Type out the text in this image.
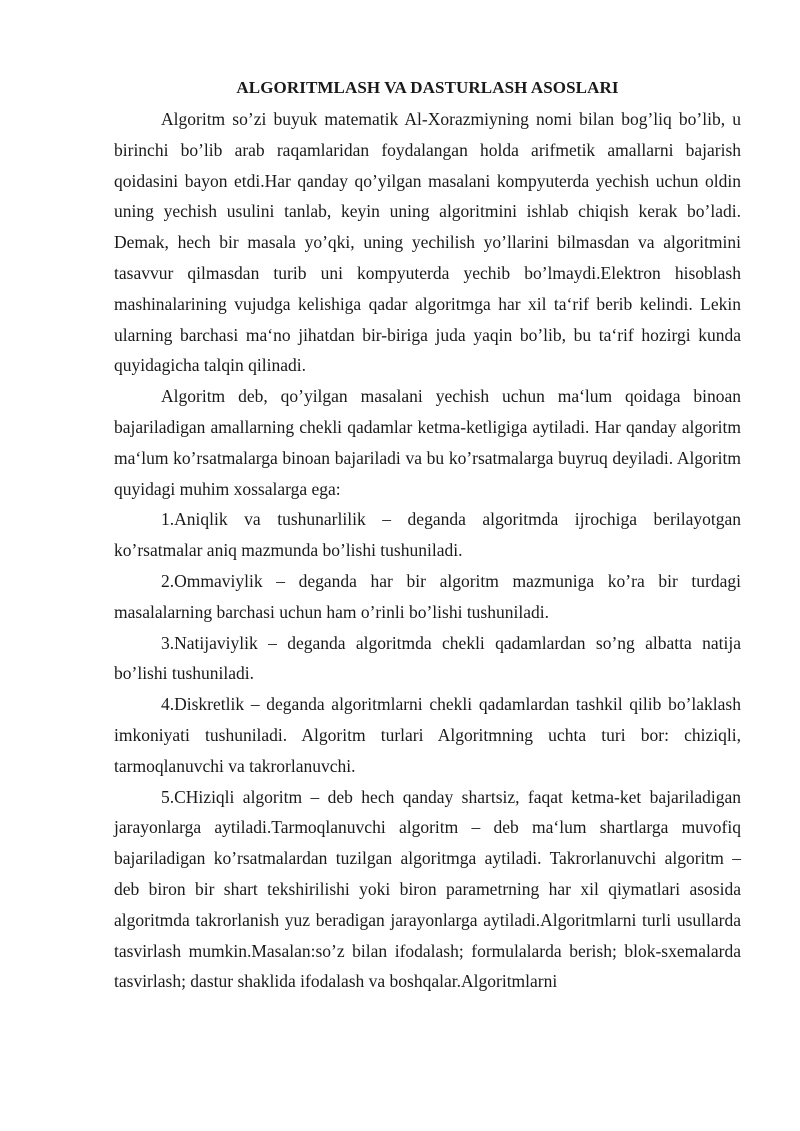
ALGORITMLASH VA DASTURLASH ASOSLARI

Algoritm so’zi buyuk matematik Al-Xorazmiyning nomi bilan bog’liq bo’lib, u birinchi bo’lib arab raqamlaridan foydalangan holda arifmetik amallarni bajarish qoidasini bayon etdi.Har qanday qo’yilgan masalani kompyuterda yechish uchun oldin uning yechish usulini tanlab, keyin uning algoritmini ishlab chiqish kerak bo’ladi. Demak, hech bir masala yo’qki, uning yechilish yo’llarini bilmasdan va algoritmini tasavvur qilmasdan turib uni kompyuterda yechib bo’lmaydi.Elektron hisoblash mashinalarining vujudga kelishiga qadar algoritmga har xil ta‘rif berib kelindi. Lekin ularning barchasi ma‘no jihatdan bir-biriga juda yaqin bo’lib, bu ta‘rif hozirgi kunda quyidagicha talqin qilinadi.

Algoritm deb, qo’yilgan masalani yechish uchun ma‘lum qoidaga binoan bajariladigan amallarning chekli qadamlar ketma-ketligiga aytiladi. Har qanday algoritm ma‘lum ko’rsatmalarga binoan bajariladi va bu ko’rsatmalarga buyruq deyiladi. Algoritm quyidagi muhim xossalarga ega:

1.Aniqlik va tushunarlilik – deganda algoritmda ijrochiga berilayotgan ko’rsatmalar aniq mazmunda bo’lishi tushuniladi.

2.Ommaviylik – deganda har bir algoritm mazmuniga ko’ra bir turdagi masalalarning barchasi uchun ham o’rinli bo’lishi tushuniladi.

3.Natijaviylik – deganda algoritmda chekli qadamlardan so’ng albatta natija bo’lishi tushuniladi.

4.Diskretlik – deganda algoritmlarni chekli qadamlardan tashkil qilib bo’laklash imkoniyati tushuniladi. Algoritm turlari Algoritmning uchta turi bor: chiziqli, tarmoqlanuvchi va takrorlanuvchi.

5.CHiziqli algoritm – deb hech qanday shartsiz, faqat ketma-ket bajariladigan jarayonlarga aytiladi.Tarmoqlanuvchi algoritm – deb ma‘lum shartlarga muvofiq bajariladigan ko’rsatmalardan tuzilgan algoritmga aytiladi. Takrorlanuvchi algoritm – deb biron bir shart tekshirilishi yoki biron parametrning har xil qiymatlari asosida algoritmda takrorlanish yuz beradigan jarayonlarga aytiladi.Algoritmlarni turli usullarda tasvirlash mumkin.Masalan:so’z bilan ifodalash; formulalarda berish; blok-sxemalarda tasvirlash; dastur shaklida ifodalash va boshqalar.Algoritmlarni
